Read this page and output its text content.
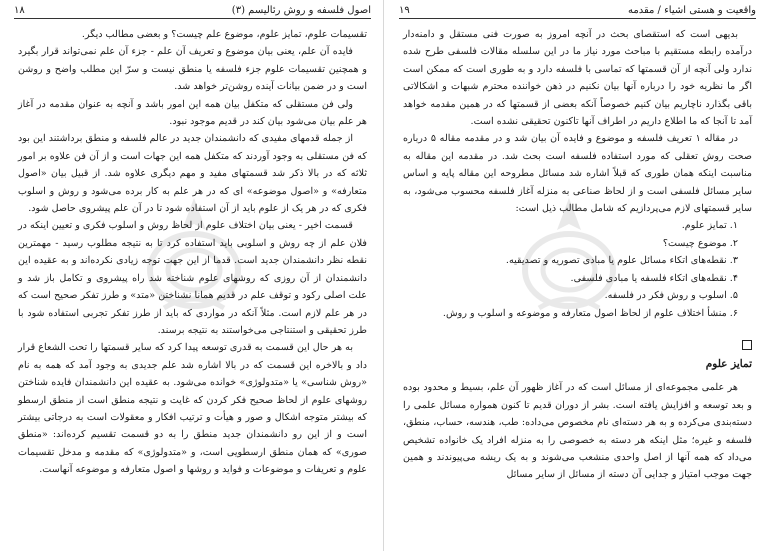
اصول فلسفه و روش رئالیسم (۳)
۱۸

تقسیمات علوم، تمایز علوم، موضوع علم چیست؟ و بعضی مطالب دیگر.

فایده آن علم، یعنی بیان موضوع و تعریف آن علم - جزء آن علم نمی‌تواند قرار بگیرد و همچنین تقسیمات علوم جزء فلسفه یا منطق نیست و سرّ این مطلب واضح و روشن است و در ضمن بیانات آینده روشن‌تر خواهد شد.

ولی فن مستقلی که متکفل بیان همه این امور باشد و آنچه به عنوان مقدمه در آغاز هر علم بیان می‌شود بیان کند در قدیم موجود نبود.

از جمله قدمهای مفیدی که دانشمندان جدید در عالم فلسفه و منطق برداشتند این بود که فن مستقلی به وجود آوردند که متکفل همه این جهات است و از آن فن علاوه بر امور ثلاثه که در بالا ذکر شد قسمتهای مفید و مهم دیگری علاوه شد. از قبیل بیان «اصول متعارفه» و «اصول موضوعه» ای که در هر علم به کار برده می‌شود و روش و اسلوب فکری که در هر یک از علوم باید از آن استفاده شود تا در آن علم پیشروی حاصل شود.

قسمت اخیر - یعنی بیان اختلاف علوم از لحاظ روش و اسلوب فکری و تعیین اینکه در فلان علم از چه روش و اسلوبی باید استفاده کرد تا به نتیجه مطلوب رسید - مهمترین نقطه نظر دانشمندان جدید است. قدما از این جهت توجه زیادی نکرده‌اند و به عقیده این دانشمندان از آن روزی که روشهای علوم شناخته شد راه پیشروی و تکامل باز شد و علت اصلی رکود و توقف علم در قدیم همانا نشناختن «متد» و طرز تفکر صحیح است که در هر علم لازم است. مثلاً آنکه در مواردی که باید از طرز تفکر تجربی استفاده شود با طرز تحقیقی و استنتاجی می‌خواستند به نتیجه برسند.

به هر حال این قسمت به قدری توسعه پیدا کرد که سایر قسمتها را تحت الشعاع قرار داد و بالاخره این قسمت که در بالا اشاره شد علم جدیدی به وجود آمد که همه به نام «روش شناسی» یا «متدولوژی» خوانده می‌شود. به عقیده این دانشمندان فایده شناختن روشهای علوم از لحاظ صحیح فکر کردن که غایت و نتیجه منطق است از منطق ارسطو که بیشتر متوجه اشکال و صور و هیأت و ترتیب افکار و معقولات است به درجاتی بیشتر است و از این رو دانشمندان جدید منطق را به دو قسمت تقسیم کرده‌اند: «منطق صوری» که همان منطق ارسطویی است، و «متدولوژی» که مقدمه و مدخل تقسیمات علوم و تعریفات و موضوعات و فواید و روشها و اصول متعارفه و موضوعه آنهاست.

واقعیت و هستی اشیاء / مقدمه
۱۹

بدیهی است که استقصای بحث در آنچه امروز به صورت فنی مستقل و دامنه‌دار درآمده رابطه مستقیم با مباحث مورد نیاز ما در این سلسله مقالات فلسفی طرح شده ندارد ولی آنچه از آن قسمتها که تماسی با فلسفه دارد و به طوری است که ممکن است اگر ما نظریه خود را درباره آنها بیان نکنیم در ذهن خواننده محترم شبهات و اشکالاتی باقی بگذارد ناچاریم بیان کنیم خصوصاً آنکه بعضی از قسمتها که در همین مقدمه خواهد آمد تا آنجا که ما اطلاع داریم در اطراف آنها تاکنون تحقیقی نشده است.

در مقاله ۱ تعریف فلسفه و موضوع و فایده آن بیان شد و در مقدمه مقاله ۵ درباره صحت روش تعقلی که مورد استفاده فلسفه است بحث شد. در مقدمه این مقاله به مناسبت اینکه همان طوری که قبلاً اشاره شد مسائل مطروحه این مقاله پایه و اساس سایر مسائل فلسفی است و از لحاظ صناعی به منزله آغاز فلسفه محسوب می‌شود، به سایر قسمتهای لازم می‌پردازیم که شامل مطالب ذیل است:

۱. تمایز علوم.
۲. موضوع چیست؟
۳. نقطه‌های اتکاء مسائل علوم یا مبادی تصوریه و تصدیقیه.
۴. نقطه‌های اتکاء فلسفه یا مبادی فلسفی.
۵. اسلوب و روش فکر در فلسفه.
۶. منشأ اختلاف علوم از لحاظ اصول متعارفه و موضوعه و اسلوب و روش.
تمایز علوم

هر علمی مجموعه‌ای از مسائل است که در آغاز ظهور آن علم، بسیط و محدود بوده و بعد توسعه و افزایش یافته است. بشر از دوران قدیم تا کنون همواره مسائل علمی را دسته‌بندی می‌کرده و به هر دسته‌ای نام مخصوص می‌داده: طب، هندسه، حساب، منطق، فلسفه و غیره؛ مثل اینکه هر دسته به خصوصی را به منزله افراد یک خانواده تشخیص می‌داد که همه آنها از اصل واحدی منشعب می‌شوند و به یک ریشه می‌پیوندند و همین جهت موجب امتیاز و جدایی آن دسته از مسائل از سایر مسائل
